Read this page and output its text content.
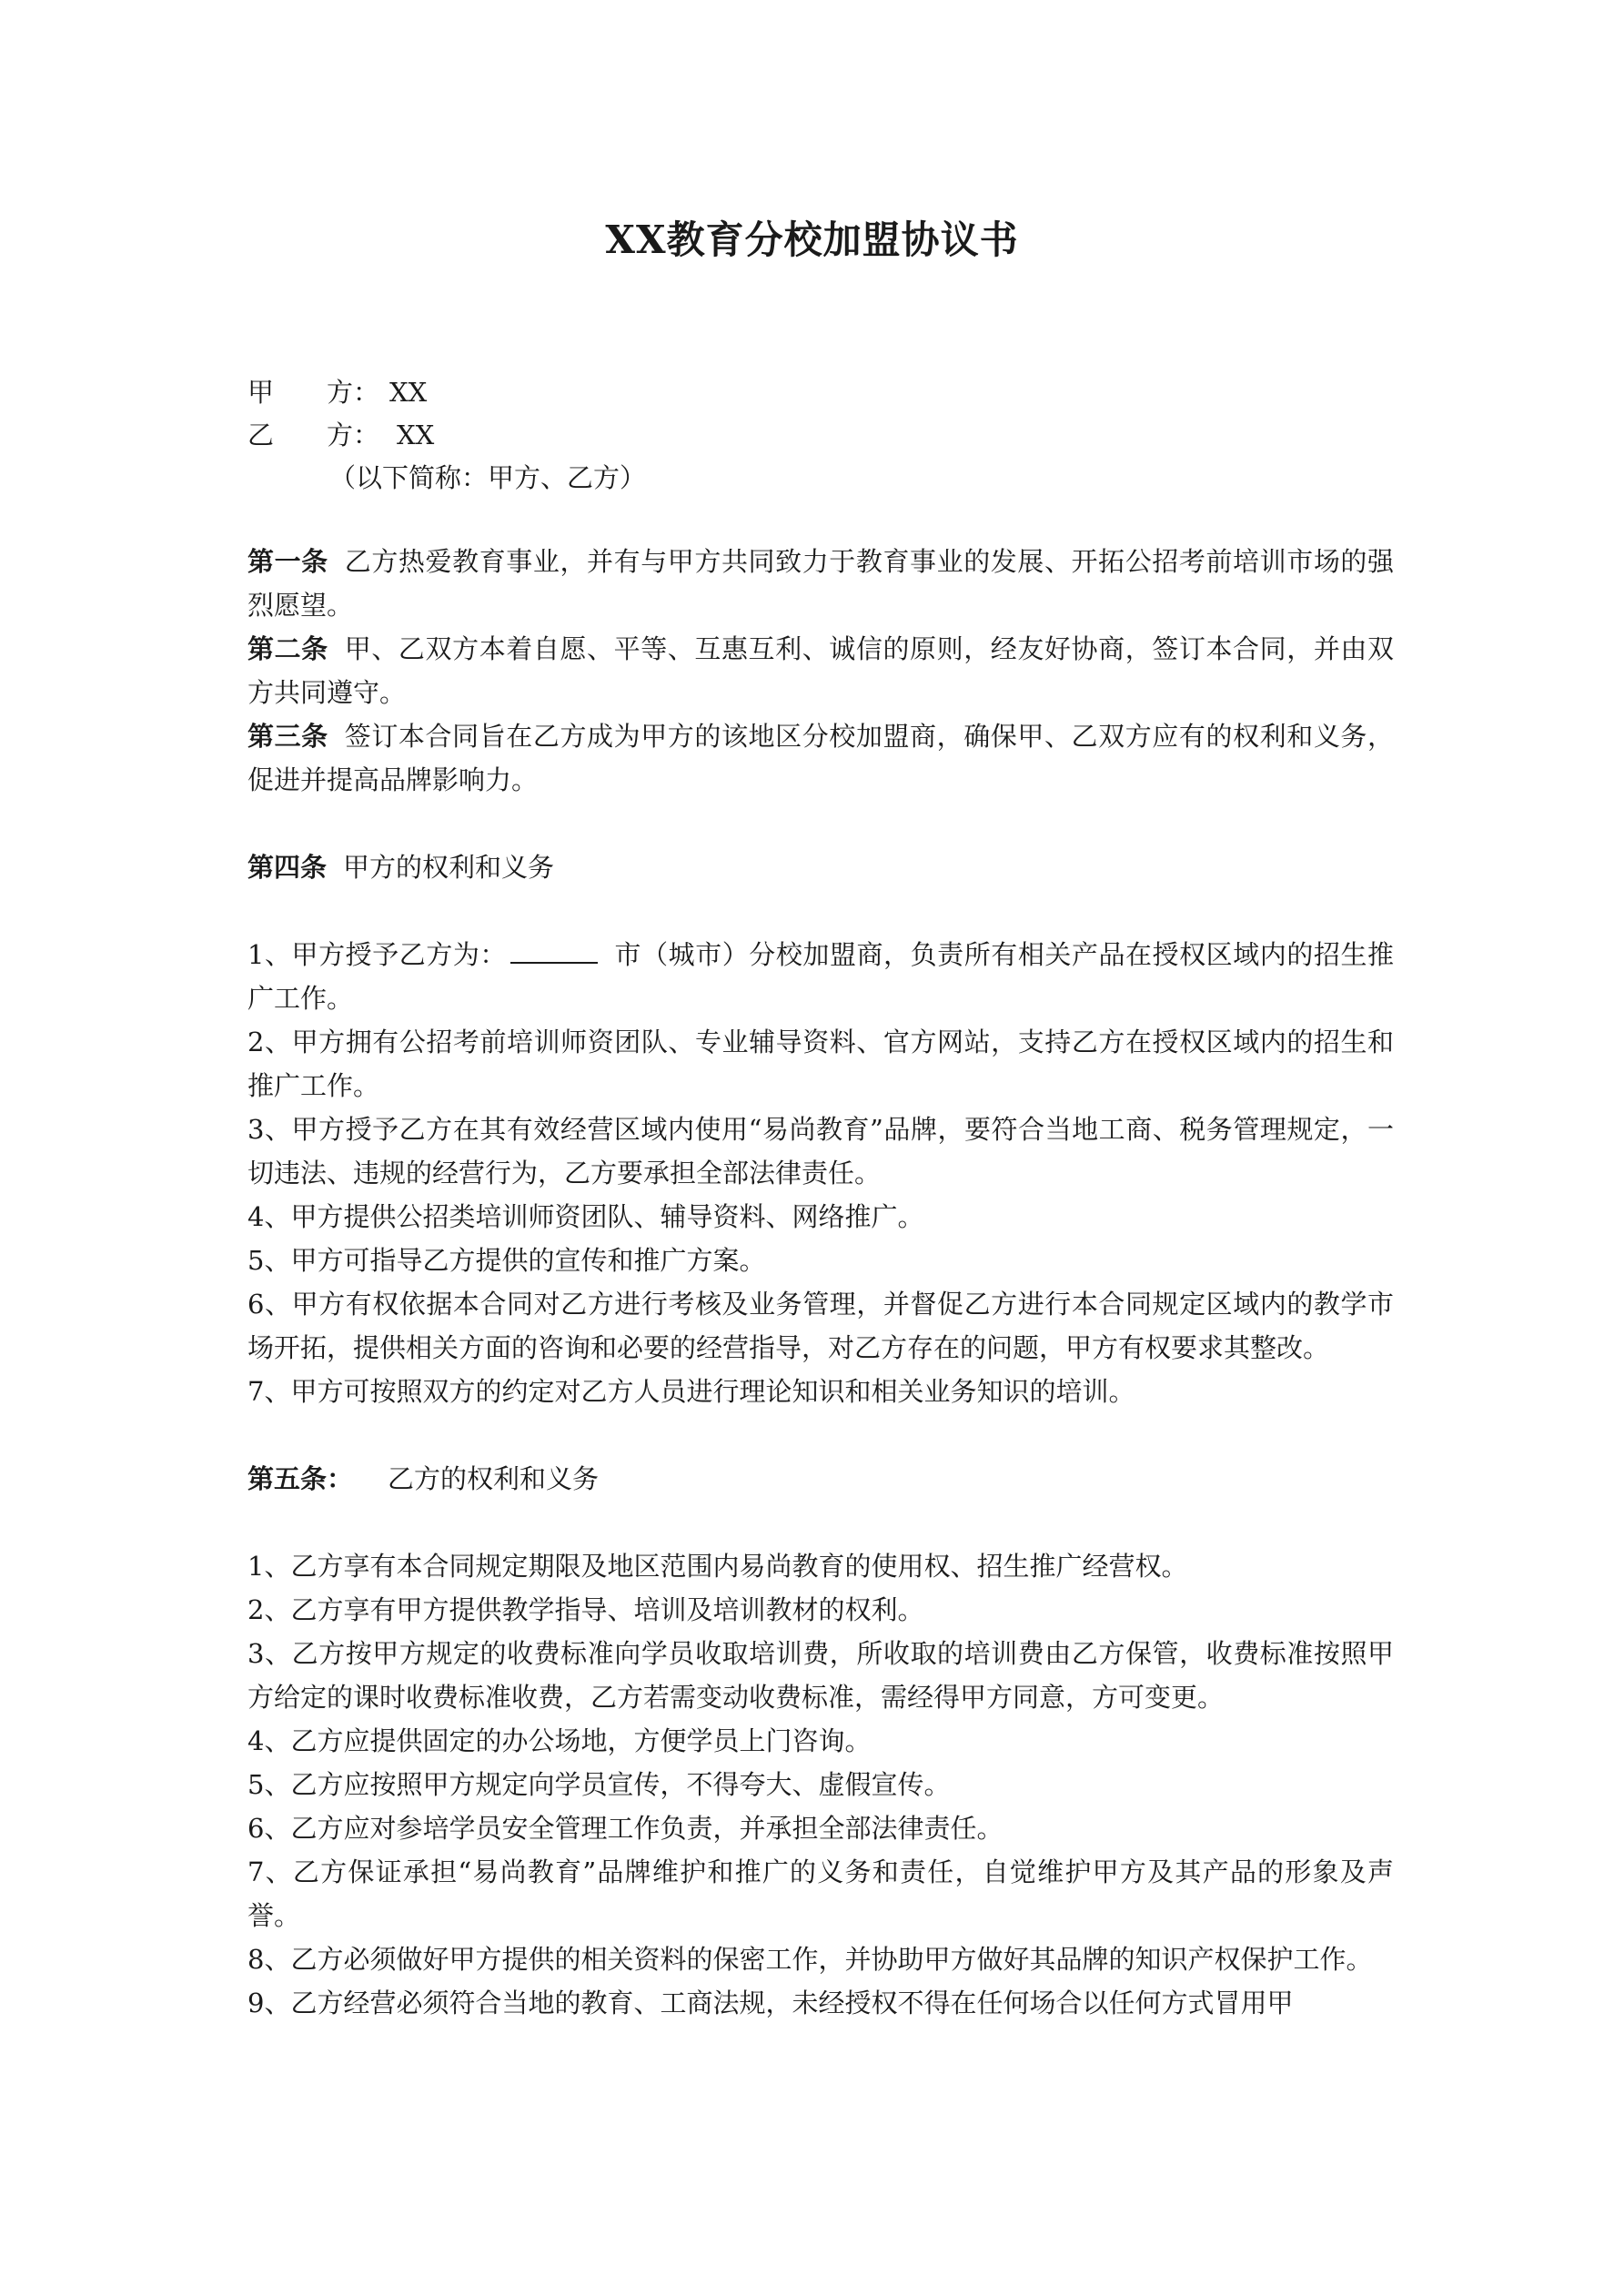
XX教育分校加盟协议书
甲　　方： XX
乙　　方： XX
（以下简称：甲方、乙方）

第一条 乙方热爱教育事业，并有与甲方共同致力于教育事业的发展、开拓公招考前培训市场的强烈愿望。

第二条 甲、乙双方本着自愿、平等、互惠互利、诚信的原则，经友好协商，签订本合同，并由双方共同遵守。

第三条 签订本合同旨在乙方成为甲方的该地区分校加盟商，确保甲、乙双方应有的权利和义务，促进并提高品牌影响力。

第四条 甲方的权利和义务

1、甲方授予乙方为：	市（城市）分校加盟商，负责所有相关产品在授权区域内的招生推广工作。

2、甲方拥有公招考前培训师资团队、专业辅导资料、官方网站，支持乙方在授权区域内的招生和推广工作。

3、甲方授予乙方在其有效经营区域内使用“易尚教育”品牌，要符合当地工商、税务管理规定，一切违法、违规的经营行为，乙方要承担全部法律责任。

4、甲方提供公招类培训师资团队、辅导资料、网络推广。

5、甲方可指导乙方提供的宣传和推广方案。

6、甲方有权依据本合同对乙方进行考核及业务管理，并督促乙方进行本合同规定区域内的教学市场开拓，提供相关方面的咨询和必要的经营指导，对乙方存在的问题，甲方有权要求其整改。

7、甲方可按照双方的约定对乙方人员进行理论知识和相关业务知识的培训。

第五条： 乙方的权利和义务

1、乙方享有本合同规定期限及地区范围内易尚教育的使用权、招生推广经营权。

2、乙方享有甲方提供教学指导、培训及培训教材的权利。

3、乙方按甲方规定的收费标准向学员收取培训费，所收取的培训费由乙方保管，收费标准按照甲方给定的课时收费标准收费，乙方若需变动收费标准，需经得甲方同意，方可变更。

4、乙方应提供固定的办公场地，方便学员上门咨询。

5、乙方应按照甲方规定向学员宣传，不得夸大、虚假宣传。

6、乙方应对参培学员安全管理工作负责，并承担全部法律责任。

7、乙方保证承担“易尚教育”品牌维护和推广的义务和责任，自觉维护甲方及其产品的形象及声誉。

8、乙方必须做好甲方提供的相关资料的保密工作，并协助甲方做好其品牌的知识产权保护工作。

9、乙方经营必须符合当地的教育、工商法规，未经授权不得在任何场合以任何方式冒用甲
